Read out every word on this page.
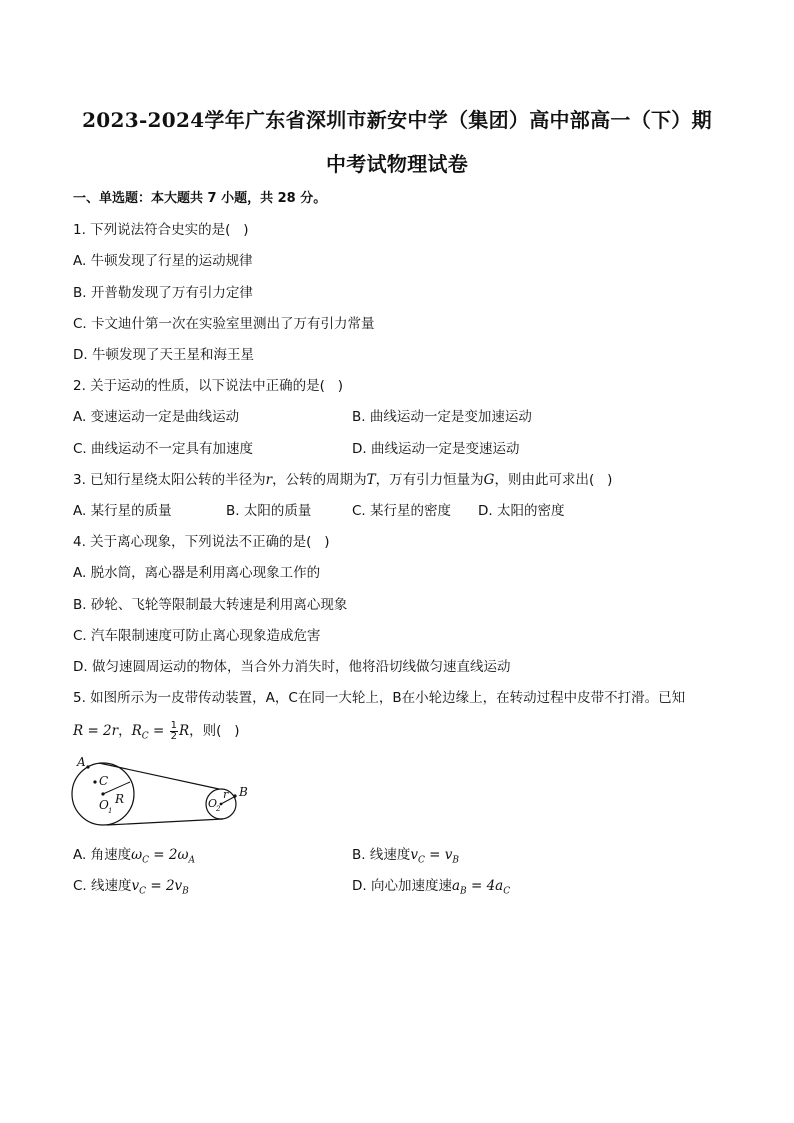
2023-2024学年广东省深圳市新安中学（集团）高中部高一（下）期
中考试物理试卷
一、单选题：本大题共 7 小题，共 28 分。
1. 下列说法符合史实的是(   )
A. 牛顿发现了行星的运动规律
B. 开普勒发现了万有引力定律
C. 卡文迪什第一次在实验室里测出了万有引力常量
D. 牛顿发现了天王星和海王星
2. 关于运动的性质，以下说法中正确的是(   )
A. 变速运动一定是曲线运动	B. 曲线运动一定是变加速运动
C. 曲线运动不一定具有加速度	D. 曲线运动一定是变速运动
3. 已知行星绕太阳公转的半径为r，公转的周期为T，万有引力恒量为G，则由此可求出(   )
A. 某行星的质量	B. 太阳的质量	C. 某行星的密度 D. 太阳的密度
4. 关于离心现象，下列说法不正确的是(   )
A. 脱水筒，离心器是利用离心现象工作的
B. 砂轮、飞轮等限制最大转速是利用离心现象
C. 汽车限制速度可防止离心现象造成危害
D. 做匀速圆周运动的物体，当合外力消失时，他将沿切线做匀速直线运动
5. 如图所示为一皮带传动装置，A，C在同一大轮上，B在小轮边缘上，在转动过程中皮带不打滑。已知
R = 2r，$R_C = \frac{1}{2}$ R，则(   )
A
C
R
O 1
O
2
r B
A. 角速度$\omega_C = 2\omega_A$	B. 线速度$v_C = v_B$
C. 线速度$v_C = 2v_B$	D. 向心加速度速$a_B = 4a_C$
